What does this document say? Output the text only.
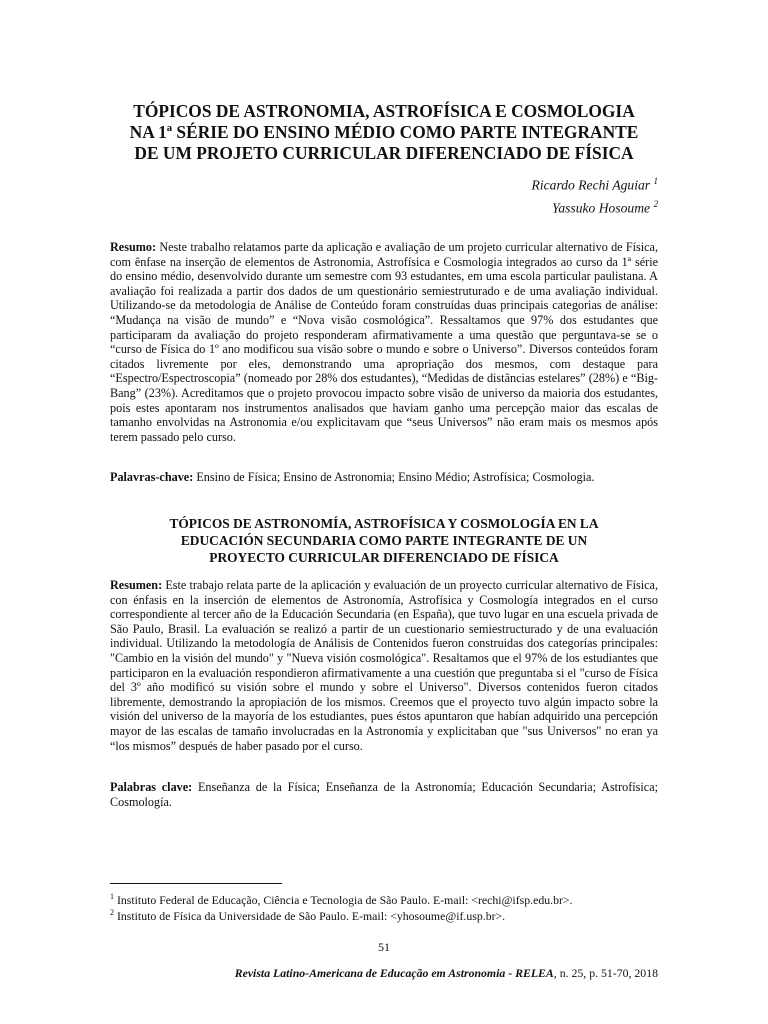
TÓPICOS DE ASTRONOMIA, ASTROFÍSICA E COSMOLOGIA
NA 1ª SÉRIE DO ENSINO MÉDIO COMO PARTE INTEGRANTE
DE UM PROJETO CURRICULAR DIFERENCIADO DE FÍSICA
Ricardo Rechi Aguiar $^1$
Yassuko Hosoume $^2$

Resumo: Neste trabalho relatamos parte da aplicação e avaliação de um projeto curricular alternativo de Física, com ênfase na inserção de elementos de Astronomia, Astrofísica e Cosmologia integrados ao curso da 1ª série do ensino médio, desenvolvido durante um semestre com 93 estudantes, em uma escola particular paulistana. A avaliação foi realizada a partir dos dados de um questionário semiestruturado e de uma avaliação individual. Utilizando-se da metodologia de Análise de Conteúdo foram construídas duas principais categorias de análise: “Mudança na visão de mundo” e “Nova visão cosmológica”. Ressaltamos que 97% dos estudantes que participaram da avaliação do projeto responderam afirmativamente a uma questão que perguntava-se se o “curso de Física do 1º ano modificou sua visão sobre o mundo e sobre o Universo”. Diversos conteúdos foram citados livremente por eles, demonstrando uma apropriação dos mesmos, com destaque para “Espectro/Espectroscopia” (nomeado por 28% dos estudantes), “Medidas de distâncias estelares” (28%) e “Big-Bang” (23%). Acreditamos que o projeto provocou impacto sobre visão de universo da maioria dos estudantes, pois estes apontaram nos instrumentos analisados que haviam ganho uma percepção maior das escalas de tamanho envolvidas na Astronomia e/ou explicitavam que “seus Universos” não eram mais os mesmos após terem passado pelo curso.

Palavras-chave: Ensino de Física; Ensino de Astronomia; Ensino Médio; Astrofísica; Cosmologia.

TÓPICOS DE ASTRONOMÍA, ASTROFÍSICA Y COSMOLOGÍA EN LA
EDUCACIÓN SECUNDARIA COMO PARTE INTEGRANTE DE UN
PROYECTO CURRICULAR DIFERENCIADO DE FÍSICA

Resumen: Este trabajo relata parte de la aplicación y evaluación de un proyecto curricular alternativo de Física, con énfasis en la inserción de elementos de Astronomía, Astrofísica y Cosmología integrados en el curso correspondiente al tercer año de la Educación Secundaria (en España), que tuvo lugar en una escuela privada de São Paulo, Brasil. La evaluación se realizó a partir de un cuestionario semiestructurado y de una evaluación individual. Utilizando la metodología de Análisis de Contenidos fueron construidas dos categorías principales: "Cambio en la visión del mundo" y "Nueva visión cosmológica". Resaltamos que el 97% de los estudiantes que participaron en la evaluación respondieron afirmativamente a una cuestión que preguntaba si el "curso de Física del 3º año modificó su visión sobre el mundo y sobre el Universo". Diversos contenidos fueron citados libremente, demostrando la apropiación de los mismos. Creemos que el proyecto tuvo algún impacto sobre la visión del universo de la mayoría de los estudiantes, pues éstos apuntaron que habían adquirido una percepción mayor de las escalas de tamaño involucradas en la Astronomía y explicitaban que "sus Universos" no eran ya “los mismos” después de haber pasado por el curso.

Palabras clave: Enseñanza de la Física; Enseñanza de la Astronomía; Educación Secundaria; Astrofísica; Cosmología.

$^1$ Instituto Federal de Educação, Ciência e Tecnologia de São Paulo. E-mail: <rechi@ifsp.edu.br>.
$^2$ Instituto de Física da Universidade de São Paulo. E-mail: <yhosoume@if.usp.br>.
51
Revista Latino-Americana de Educação em Astronomia - RELEA, n. 25, p. 51-70, 2018
